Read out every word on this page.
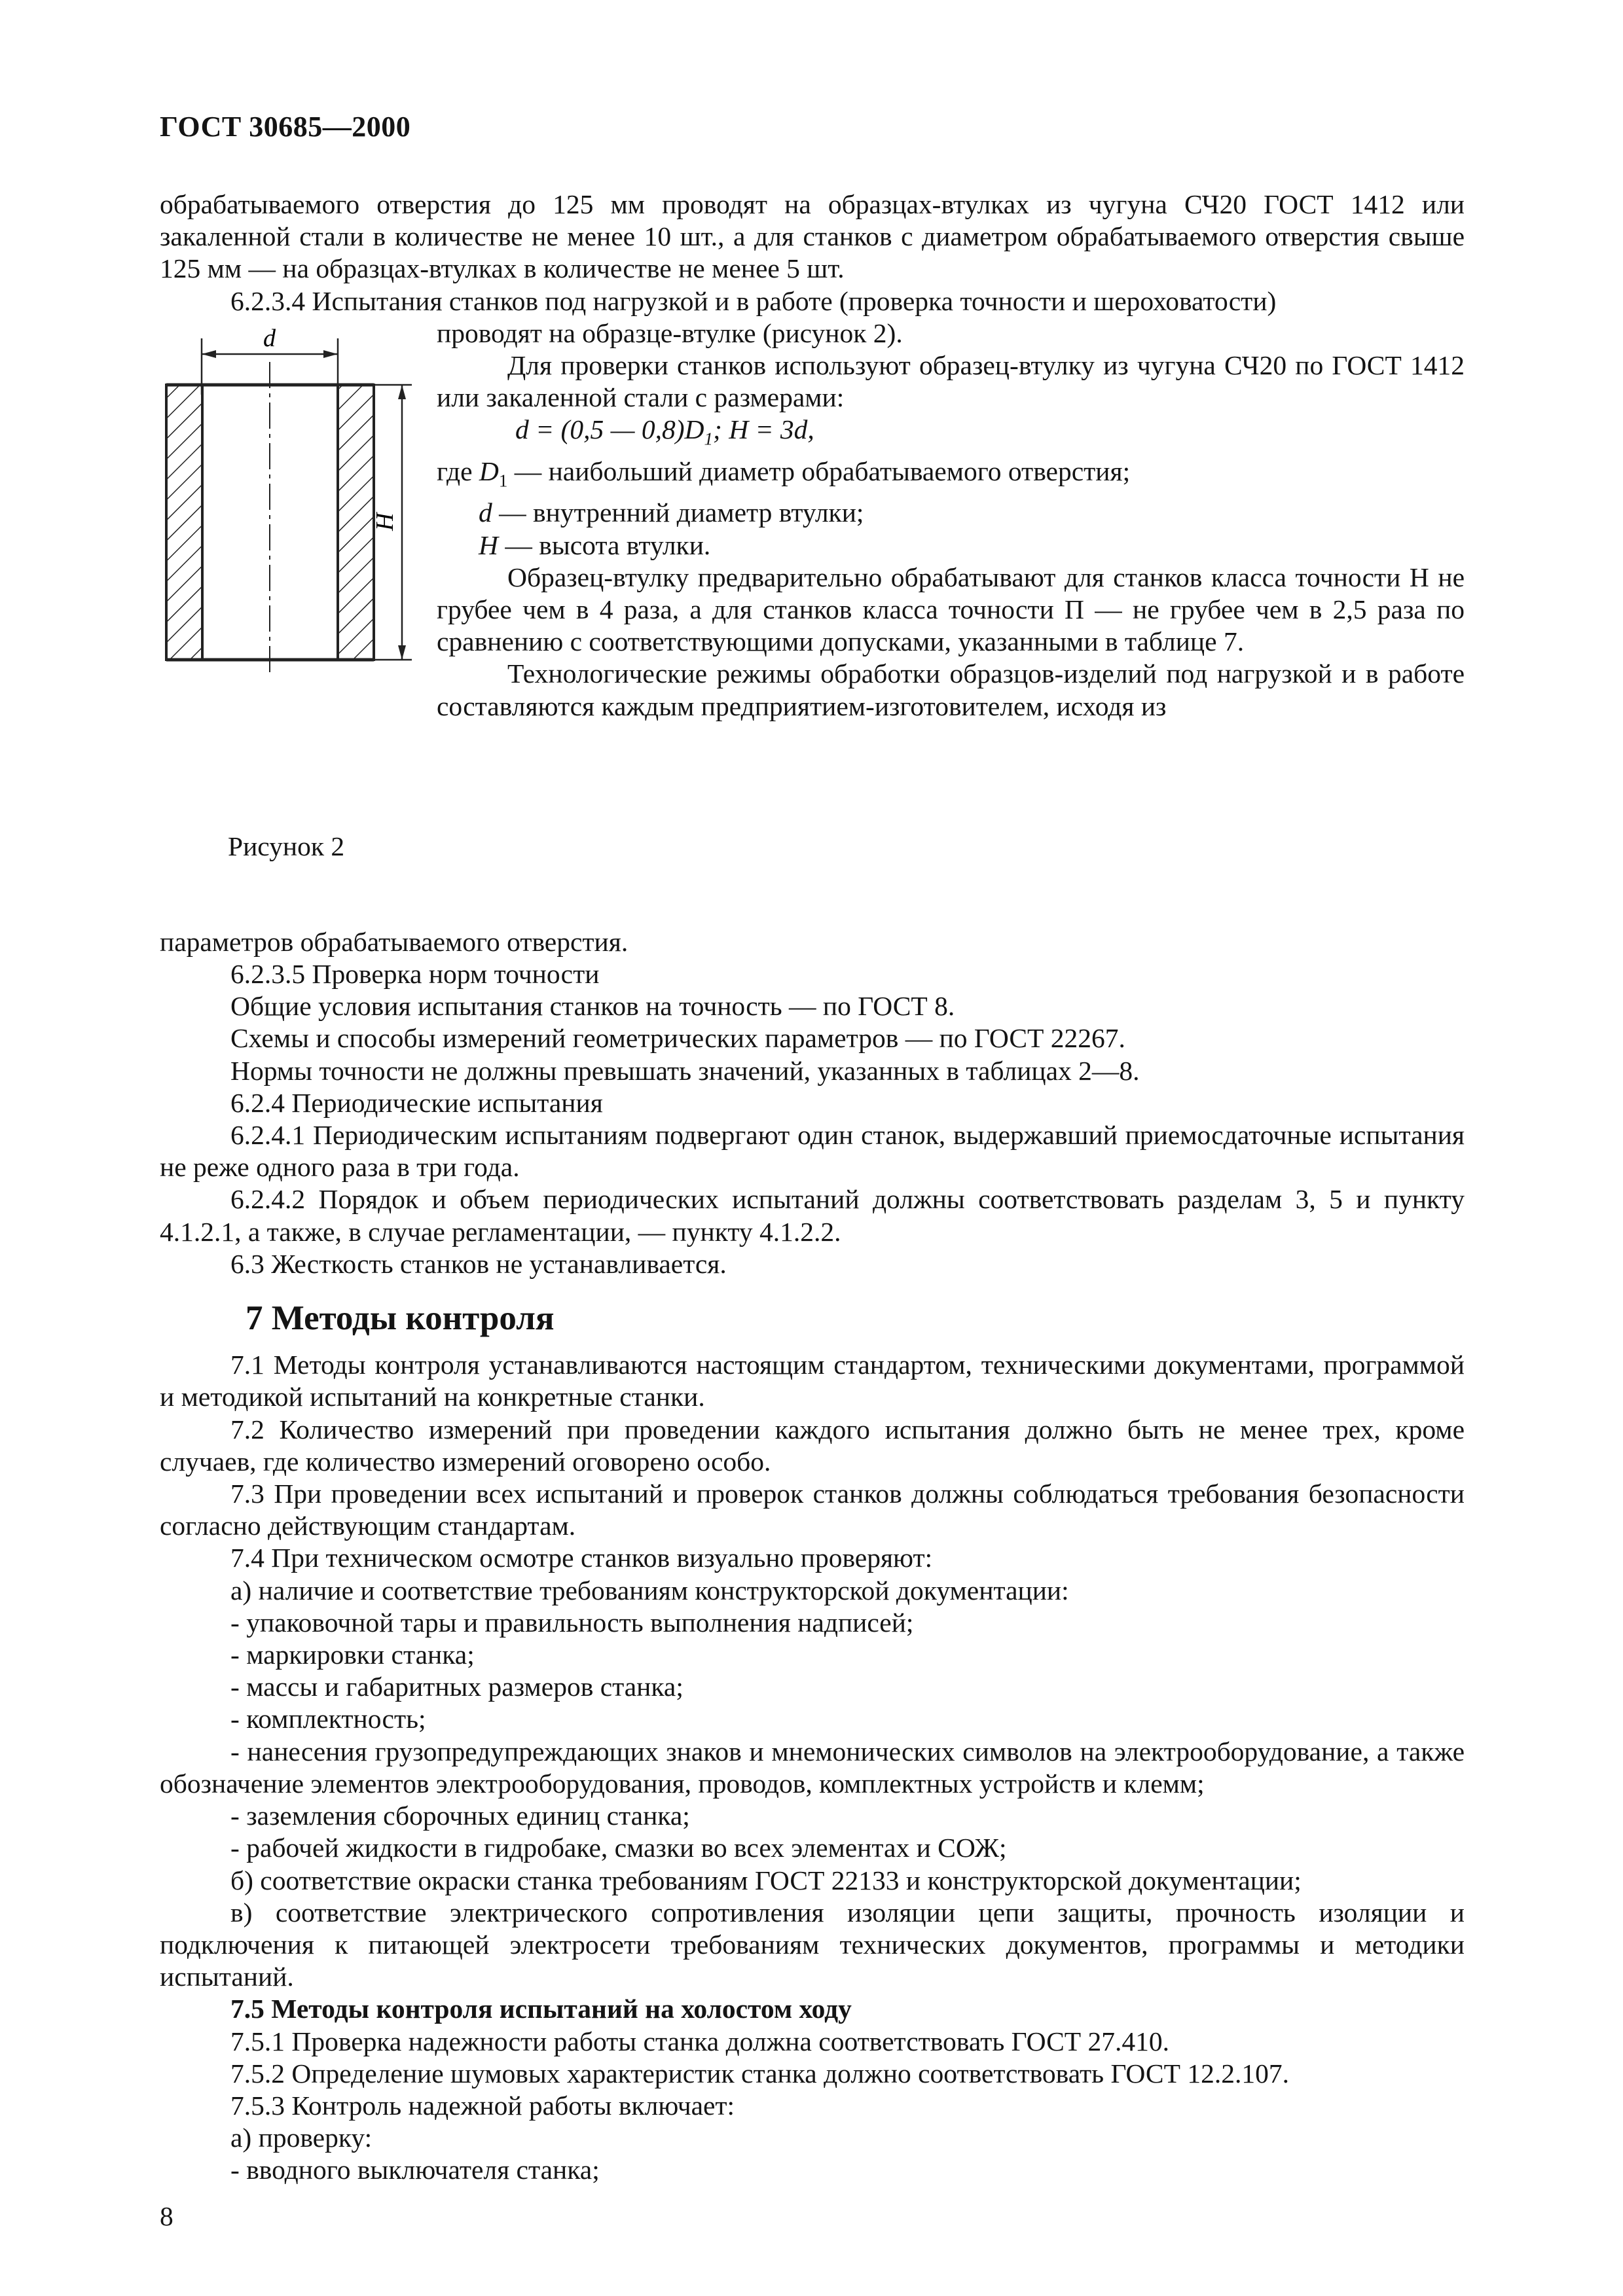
ГОСТ 30685—2000

обрабатываемого отверстия до 125 мм проводят на образцах-втулках из чугуна СЧ20 ГОСТ 1412 или закаленной стали в количестве не менее 10 шт., а для станков с диаметром обрабатываемого отверстия свыше 125 мм — на образцах-втулках в количестве не менее 5 шт.

6.2.3.4 Испытания станков под нагрузкой и в работе (проверка точности и шероховатости)

d
H
Рисунок 2

проводят на образце-втулке (рисунок 2).

Для проверки станков используют образец-втулку из чугуна СЧ20 по ГОСТ 1412 или закаленной стали с размерами:

d = (0,5 — $0,8)D_1$; H = 3d,

где $D_1$ — наибольший диаметр обрабатываемого отверстия;

d — внутренний диаметр втулки;

H — высота втулки.

Образец-втулку предварительно обрабатывают для станков класса точности Н не грубее чем в 4 раза, а для станков класса точности П — не грубее чем в 2,5 раза по сравнению с соответствующими допусками, указанными в таблице 7.

Технологические режимы обработки образцов-изделий под нагрузкой и в работе составляются каждым предприятием-изготовителем, исходя из

параметров обрабатываемого отверстия.

6.2.3.5 Проверка норм точности

Общие условия испытания станков на точность — по ГОСТ 8.

Схемы и способы измерений геометрических параметров — по ГОСТ 22267.

Нормы точности не должны превышать значений, указанных в таблицах 2—8.

6.2.4 Периодические испытания

6.2.4.1 Периодическим испытаниям подвергают один станок, выдержавший приемосдаточные испытания не реже одного раза в три года.

6.2.4.2 Порядок и объем периодических испытаний должны соответствовать разделам 3, 5 и пункту 4.1.2.1, а также, в случае регламентации, — пункту 4.1.2.2.

6.3 Жесткость станков не устанавливается.

7 Методы контроля

7.1 Методы контроля устанавливаются настоящим стандартом, техническими документами, программой и методикой испытаний на конкретные станки.

7.2 Количество измерений при проведении каждого испытания должно быть не менее трех, кроме случаев, где количество измерений оговорено особо.

7.3 При проведении всех испытаний и проверок станков должны соблюдаться требования безопасности согласно действующим стандартам.

7.4 При техническом осмотре станков визуально проверяют:

а) наличие и соответствие требованиям конструкторской документации:

- упаковочной тары и правильность выполнения надписей;

- маркировки станка;

- массы и габаритных размеров станка;

- комплектность;

- нанесения грузопредупреждающих знаков и мнемонических символов на электрооборудование, а также обозначение элементов электрооборудования, проводов, комплектных устройств и клемм;

- заземления сборочных единиц станка;

- рабочей жидкости в гидробаке, смазки во всех элементах и СОЖ;

б) соответствие окраски станка требованиям ГОСТ 22133 и конструкторской документации;

в) соответствие электрического сопротивления изоляции цепи защиты, прочность изоляции и подключения к питающей электросети требованиям технических документов, программы и методики испытаний.

7.5 Методы контроля испытаний на холостом ходу

7.5.1 Проверка надежности работы станка должна соответствовать ГОСТ 27.410.

7.5.2 Определение шумовых характеристик станка должно соответствовать ГОСТ 12.2.107.

7.5.3 Контроль надежной работы включает:

а) проверку:

- вводного выключателя станка;

8
